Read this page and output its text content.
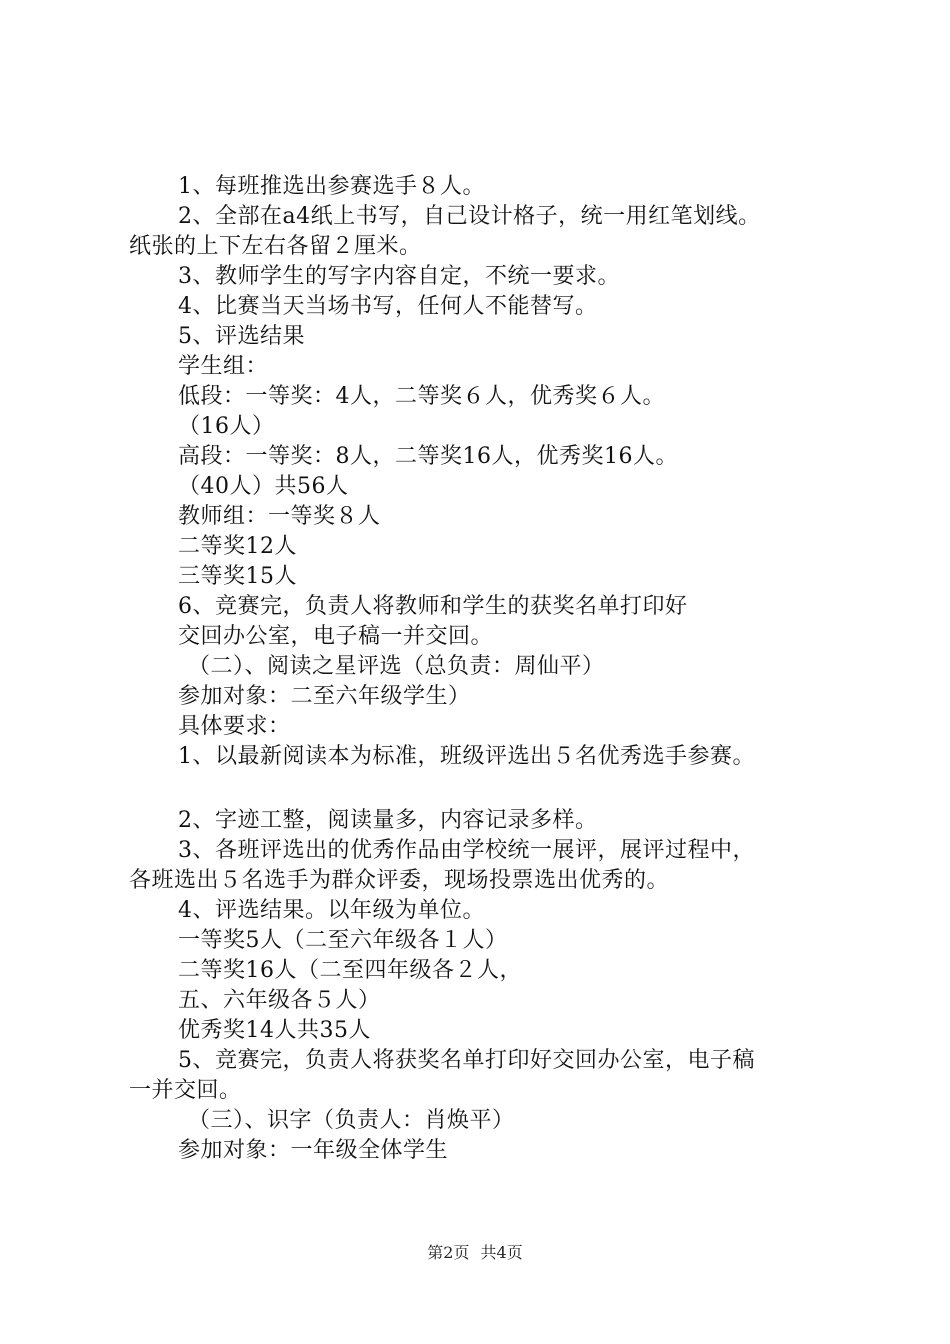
1、每班推选出参赛选手８人。
2、全部在a4纸上书写，自己设计格子，统一用红笔划线。
纸张的上下左右各留２厘米。
3、教师学生的写字内容自定，不统一要求。
4、比赛当天当场书写，任何人不能替写。
5、评选结果
学生组：
低段：一等奖：4人，二等奖６人，优秀奖６人。
（16人）
高段：一等奖：8人，二等奖16人，优秀奖16人。
（40人）共56人
教师组：一等奖８人
二等奖12人
三等奖15人
6、竞赛完，负责人将教师和学生的获奖名单打印好
交回办公室，电子稿一并交回。
（二）、阅读之星评选（总负责：周仙平）
参加对象：二至六年级学生）
具体要求：
1、以最新阅读本为标准，班级评选出５名优秀选手参赛。
2、字迹工整，阅读量多，内容记录多样。
3、各班评选出的优秀作品由学校统一展评，展评过程中，
各班选出５名选手为群众评委，现场投票选出优秀的。
4、评选结果。以年级为单位。
一等奖5人（二至六年级各１人）
二等奖16人（二至四年级各２人，
五、六年级各５人）
优秀奖14人共35人
5、竞赛完，负责人将获奖名单打印好交回办公室，电子稿
一并交回。
（三）、识字（负责人：肖焕平）
参加对象：一年级全体学生
第2页 共4页
